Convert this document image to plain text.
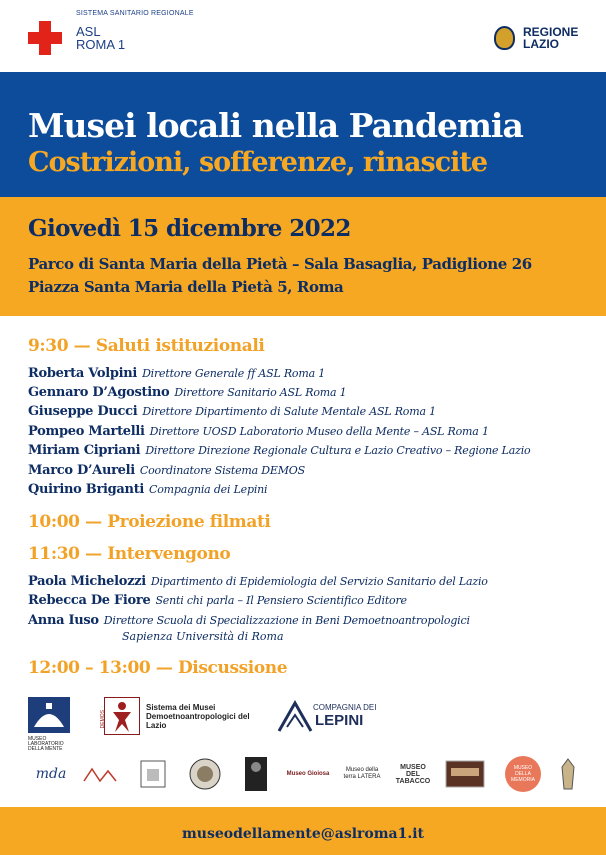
SISTEMA SANITARIO REGIONALE
ASL
ROMA 1
REGIONE
LAZIO
Musei locali nella Pandemia
Costrizioni, sofferenze, rinascite
Giovedì 15 dicembre 2022
Parco di Santa Maria della Pietà – Sala Basaglia, Padiglione 26
Piazza Santa Maria della Pietà 5, Roma
9:30 — Saluti istituzionali
Roberta Volpini Direttore Generale ff ASL Roma 1
Gennaro D’Agostino Direttore Sanitario ASL Roma 1
Giuseppe Ducci Direttore Dipartimento di Salute Mentale ASL Roma 1
Pompeo Martelli Direttore UOSD Laboratorio Museo della Mente – ASL Roma 1
Miriam Cipriani Direttore Direzione Regionale Cultura e Lazio Creativo – Regione Lazio
Marco D’Aureli Coordinatore Sistema DEMOS
Quirino Briganti Compagnia dei Lepini
10:00 — Proiezione filmati
11:30 — Intervengono
Paola Michelozzi Dipartimento di Epidemiologia del Servizio Sanitario del Lazio
Rebecca De Fiore Senti chi parla – Il Pensiero Scientifico Editore
Anna Iuso Direttore Scuola di Specializzazione in Beni Demoetnoantropologici
Sapienza Università di Roma
12:00 – 13:00 — Discussione
MUSEO LABORATORIO DELLA MENTE
DEMOS
Sistema dei Musei Demoetnoantropologici del Lazio
COMPAGNIA DEI
LEPINI
mda	Museo Gioiosa
Museo della terra LATERA
MUSEO DEL TABACCO
MUSEO DELLA MEMORIA
museodellamente@aslroma1.it
